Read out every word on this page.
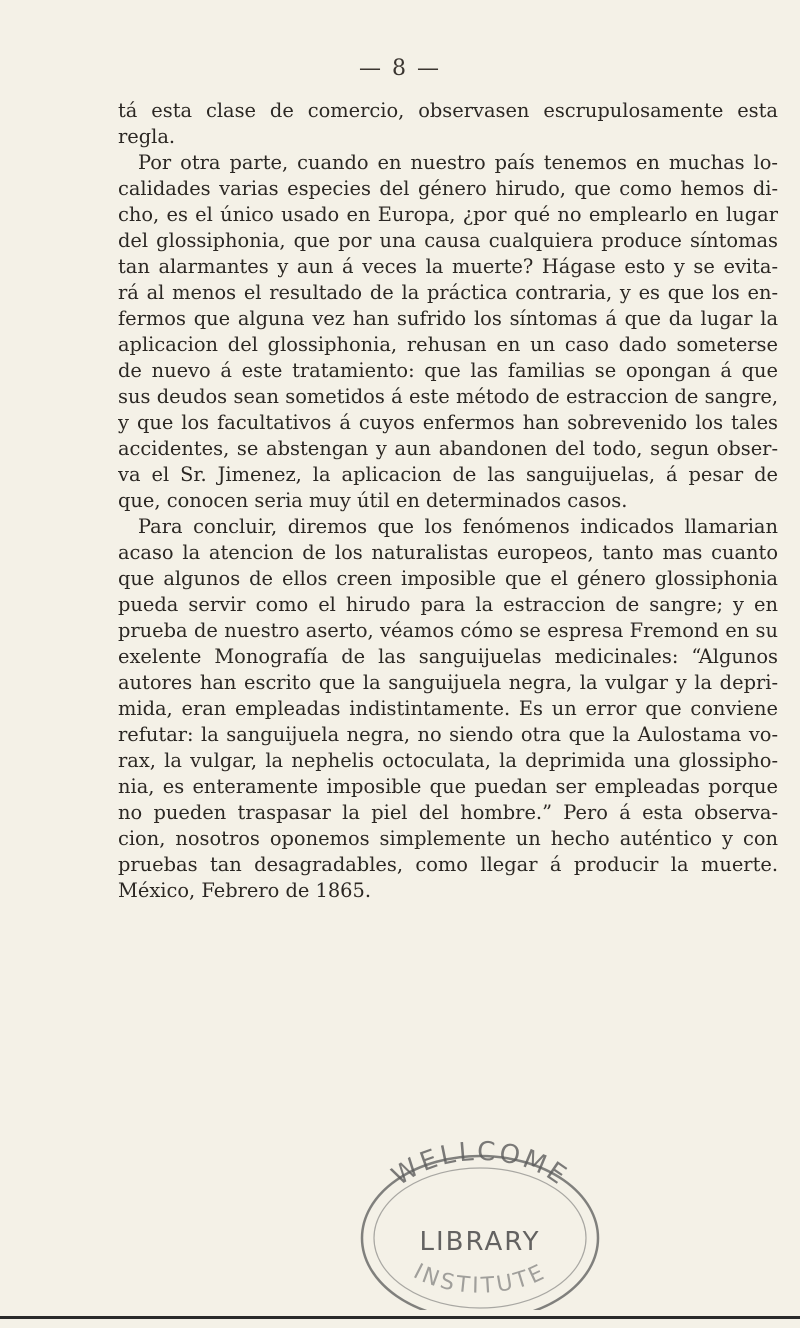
— 8 —
tá esta clase de comercio, observasen escrupulosamente esta
regla.
Por otra parte, cuando en nuestro país tenemos en muchas lo-
calidades varias especies del género hirudo, que como hemos di-
cho, es el único usado en Europa, ¿por qué no emplearlo en lugar
del glossiphonia, que por una causa cualquiera produce síntomas
tan alarmantes y aun á veces la muerte? Hágase esto y se evita-
rá al menos el resultado de la práctica contraria, y es que los en-
fermos que alguna vez han sufrido los síntomas á que da lugar la
aplicacion del glossiphonia, rehusan en un caso dado someterse
de nuevo á este tratamiento: que las familias se opongan á que
sus deudos sean sometidos á este método de estraccion de sangre,
y que los facultativos á cuyos enfermos han sobrevenido los tales
accidentes, se abstengan y aun abandonen del todo, segun obser-
va el Sr. Jimenez, la aplicacion de las sanguijuelas, á pesar de
que, conocen seria muy útil en determinados casos.
Para concluir, diremos que los fenómenos indicados llamarian
acaso la atencion de los naturalistas europeos, tanto mas cuanto
que algunos de ellos creen imposible que el género glossiphonia
pueda servir como el hirudo para la estraccion de sangre; y en
prueba de nuestro aserto, véamos cómo se espresa Fremond en su
exelente Monografía de las sanguijuelas medicinales: “Algunos
autores han escrito que la sanguijuela negra, la vulgar y la depri-
mida, eran empleadas indistintamente. Es un error que conviene
refutar: la sanguijuela negra, no siendo otra que la Aulostama vo-
rax, la vulgar, la nephelis octoculata, la deprimida una glossipho-
nia, es enteramente imposible que puedan ser empleadas porque
no pueden traspasar la piel del hombre.” Pero á esta observa-
cion, nosotros oponemos simplemente un hecho auténtico y con
pruebas tan desagradables, como llegar á producir la muerte.
México, Febrero de 1865.
WELLCOME
LIBRARY
INSTITUTE
